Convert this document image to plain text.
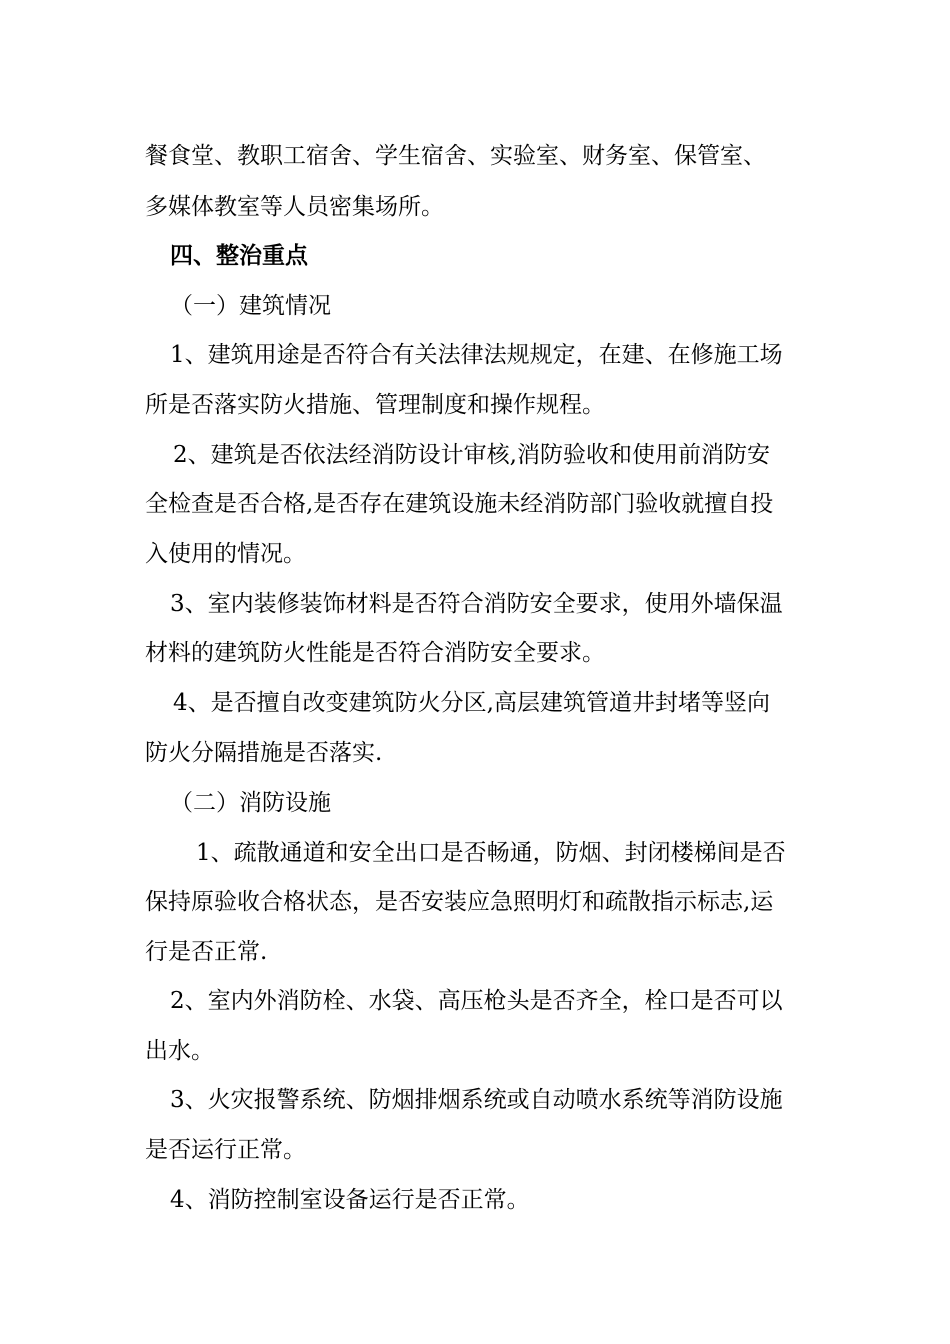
餐食堂、教职工宿舍、学生宿舍、实验室、财务室、保管室、
多媒体教室等人员密集场所。
四、整治重点
（一）建筑情况
1、建筑用途是否符合有关法律法规规定，在建、在修施工场
所是否落实防火措施、管理制度和操作规程。
2、建筑是否依法经消防设计审核,消防验收和使用前消防安
全检查是否合格,是否存在建筑设施未经消防部门验收就擅自投
入使用的情况。
3、室内装修装饰材料是否符合消防安全要求，使用外墙保温
材料的建筑防火性能是否符合消防安全要求。
4、是否擅自改变建筑防火分区,高层建筑管道井封堵等竖向
防火分隔措施是否落实.
（二）消防设施
1、疏散通道和安全出口是否畅通，防烟、封闭楼梯间是否
保持原验收合格状态，是否安装应急照明灯和疏散指示标志,运
行是否正常.
2、室内外消防栓、水袋、高压枪头是否齐全，栓口是否可以
出水。
3、火灾报警系统、防烟排烟系统或自动喷水系统等消防设施
是否运行正常。
4、消防控制室设备运行是否正常。
